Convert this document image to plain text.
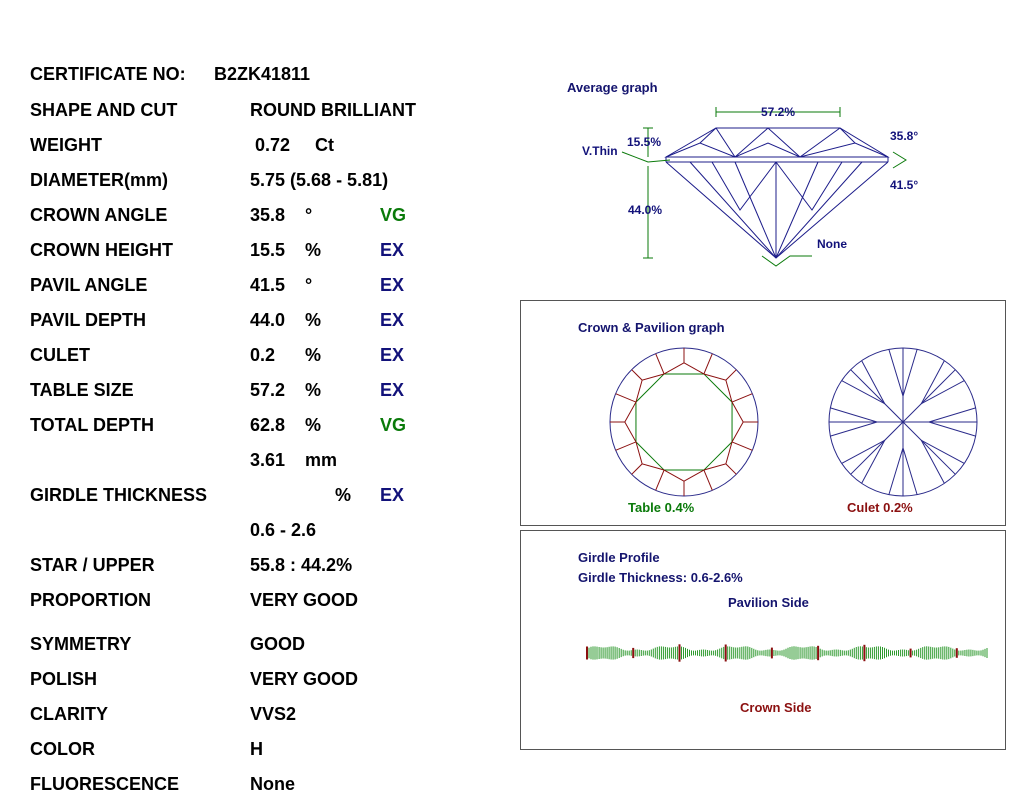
CERTIFICATE NO: B2ZK41811
SHAPE AND CUT	ROUND BRILLIANT
WEIGHT	0.72 Ct
DIAMETER(mm)	5.75 (5.68 - 5.81)
CROWN ANGLE	35.8 °	VG
CROWN HEIGHT	15.5 %	EX
PAVIL ANGLE	41.5 °	EX
PAVIL DEPTH	44.0 %	EX
CULET	0.2 %	EX
TABLE SIZE	57.2 %	EX
TOTAL DEPTH	62.8 %	VG
3.61 mm
GIRDLE THICKNESS	% EX
0.6 - 2.6
STAR / UPPER	55.8 : 44.2%
PROPORTION	VERY GOOD
SYMMETRY	GOOD
POLISH	VERY GOOD
CLARITY	VVS2
COLOR	H
FLUORESCENCE	None
Average graph
57.2%
15.5%
V.Thin
44.0%
35.8°
41.5°
None
Crown & Pavilion graph
Table 0.4%	Culet 0.2%
Girdle Profile
Girdle Thickness: 0.6-2.6%
Pavilion Side
Crown Side
